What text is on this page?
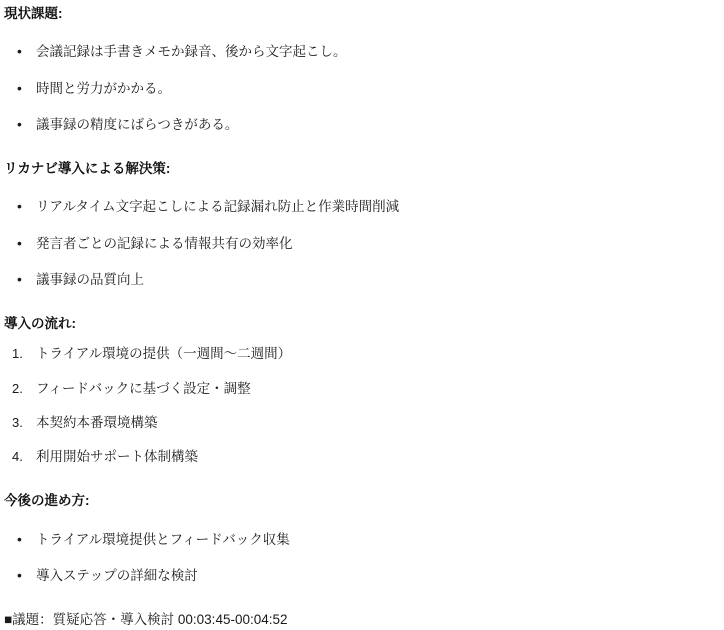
現状課題:
• 会議記録は手書きメモか録音、後から文字起こし。
• 時間と労力がかかる。
• 議事録の精度にばらつきがある。
リカナビ導入による解決策:
• リアルタイム文字起こしによる記録漏れ防止と作業時間削減
• 発言者ごとの記録による情報共有の効率化
• 議事録の品質向上
導入の流れ:
トライアル環境の提供（一週間〜二週間）
フィードバックに基づく設定・調整
本契約本番環境構築
利用開始サポート体制構築
今後の進め方:
• トライアル環境提供とフィードバック収集
• 導入ステップの詳細な検討

■議題：質疑応答・導入検討 00:03:45-00:04:52
